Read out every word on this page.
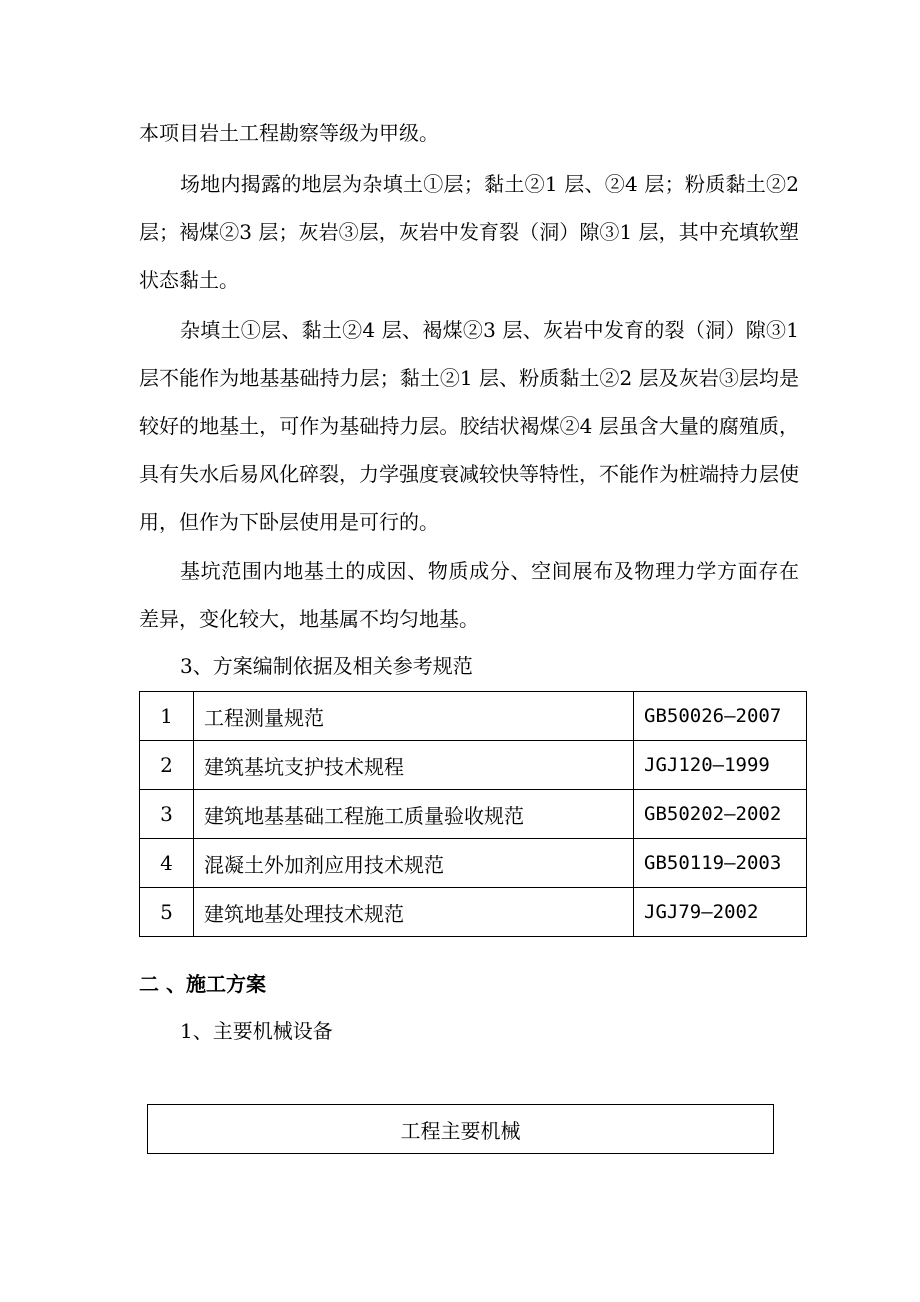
本项目岩土工程勘察等级为甲级。

场地内揭露的地层为杂填土①层；黏土②1 层、②4 层；粉质黏土②2 层；褐煤②3 层；灰岩③层，灰岩中发育裂（洞）隙③1 层，其中充填软塑状态黏土。

杂填土①层、黏土②4 层、褐煤②3 层、灰岩中发育的裂（洞）隙③1 层不能作为地基基础持力层；黏土②1 层、粉质黏土②2 层及灰岩③层均是较好的地基土，可作为基础持力层。胶结状褐煤②4 层虽含大量的腐殖质，具有失水后易风化碎裂，力学强度衰减较快等特性，不能作为桩端持力层使用，但作为下卧层使用是可行的。

基坑范围内地基土的成因、物质成分、空间展布及物理力学方面存在差异，变化较大，地基属不均匀地基。

3、方案编制依据及相关参考规范

1	工程测量规范	GB50026—2007
2	建筑基坑支护技术规程	JGJ120—1999
3	建筑地基基础工程施工质量验收规范	GB50202—2002
4	混凝土外加剂应用技术规范	GB50119—2003
5	建筑地基处理技术规范	JGJ79—2002
二 、施工方案

1、主要机械设备

工程主要机械
